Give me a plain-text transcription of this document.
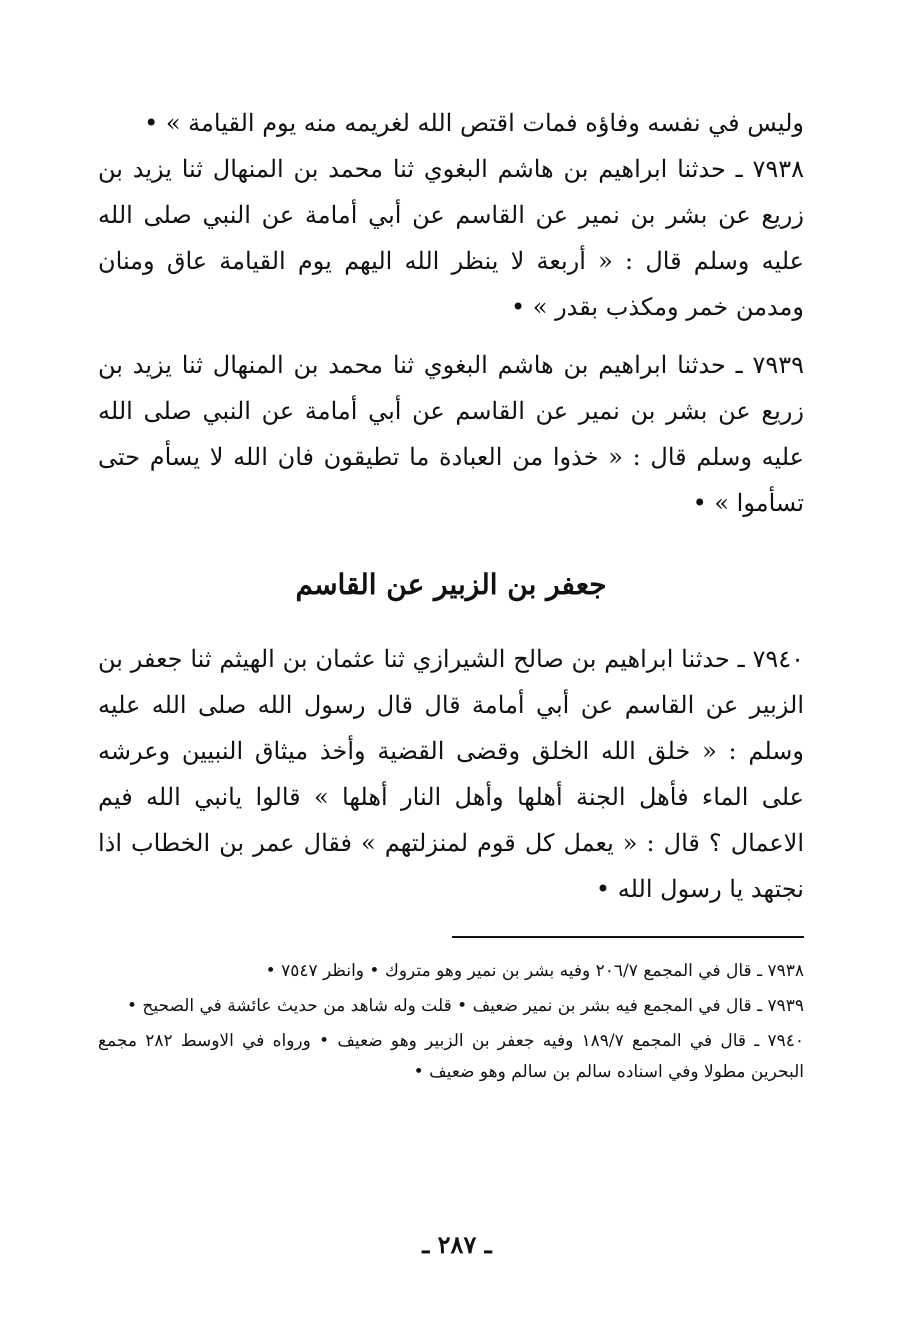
وليس في نفسه وفاؤه فمات اقتص الله لغريمه منه يوم القيامة » •

٧٩٣٨ ـ حدثنا ابراهيم بن هاشم البغوي ثنا محمد بن المنهال ثنا يزيد بن زريع عن بشر بن نمير عن القاسم عن أبي أمامة عن النبي صلى الله عليه وسلم قال : « أربعة لا ينظر الله اليهم يوم القيامة عاق ومنان ومدمن خمر ومكذب بقدر » •

٧٩٣٩ ـ حدثنا ابراهيم بن هاشم البغوي ثنا محمد بن المنهال ثنا يزيد بن زريع عن بشر بن نمير عن القاسم عن أبي أمامة عن النبي صلى الله عليه وسلم قال : « خذوا من العبادة ما تطيقون فان الله لا يسأم حتى تسأموا » •

جعفر بن الزبير عن القاسم

٧٩٤٠ ـ حدثنا ابراهيم بن صالح الشيرازي ثنا عثمان بن الهيثم ثنا جعفر بن الزبير عن القاسم عن أبي أمامة قال قال رسول الله صلى الله عليه وسلم : « خلق الله الخلق وقضى القضية وأخذ ميثاق النبيين وعرشه على الماء فأهل الجنة أهلها وأهل النار أهلها » قالوا يانبي الله فيم الاعمال ؟ قال : « يعمل كل قوم لمنزلتهم » فقال عمر بن الخطاب اذا نجتهد يا رسول الله •

٧٩٣٨ ـ قال في المجمع ٢٠٦/٧ وفيه بشر بن نمير وهو متروك • وانظر ٧٥٤٧ •

٧٩٣٩ ـ قال في المجمع فيه بشر بن نمير ضعيف • قلت وله شاهد من حديث عائشة في الصحيح •

٧٩٤٠ ـ قال في المجمع ١٨٩/٧ وفيه جعفر بن الزبير وهو ضعيف • ورواه في الاوسط ٢٨٢ مجمع البحرين مطولا وفي اسناده سالم بن سالم وهو ضعيف •

ـ ٢٨٧ ـ
